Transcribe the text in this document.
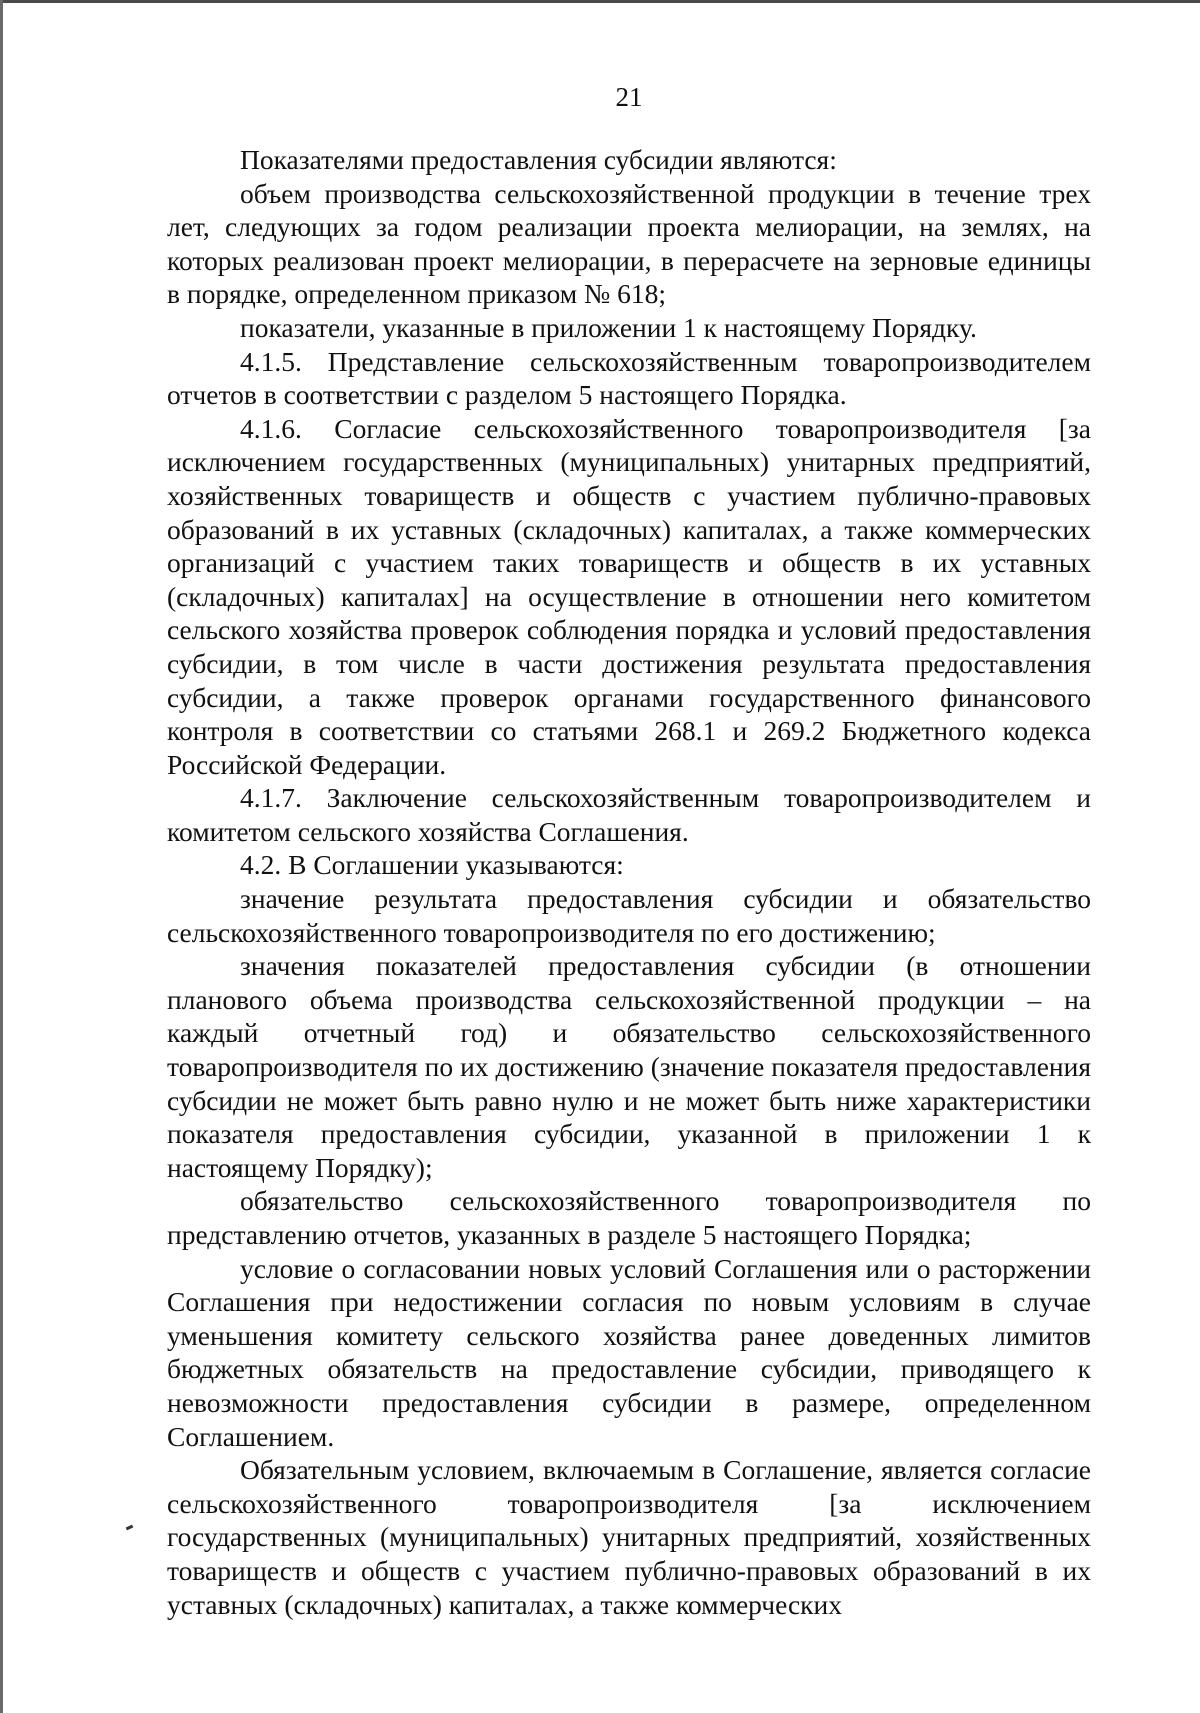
21

Показателями предоставления субсидии являются:

объем производства сельскохозяйственной продукции в течение трех лет, следующих за годом реализации проекта мелиорации, на землях, на которых реализован проект мелиорации, в перерасчете на зерновые единицы в порядке, определенном приказом № 618;

показатели, указанные в приложении 1 к настоящему Порядку.

4.1.5. Представление сельскохозяйственным товаропроизводителем отчетов в соответствии с разделом 5 настоящего Порядка.

4.1.6. Согласие сельскохозяйственного товаропроизводителя [за исключением государственных (муниципальных) унитарных предприятий, хозяйственных товариществ и обществ с участием публично-правовых образований в их уставных (складочных) капиталах, а также коммерческих организаций с участием таких товариществ и обществ в их уставных (складочных) капиталах] на осуществление в отношении него комитетом сельского хозяйства проверок соблюдения порядка и условий предоставления субсидии, в том числе в части достижения результата предоставления субсидии, а также проверок органами государственного финансового контроля в соответствии со статьями 268.1 и 269.2 Бюджетного кодекса Российской Федерации.

4.1.7. Заключение сельскохозяйственным товаропроизводителем и комитетом сельского хозяйства Соглашения.

4.2. В Соглашении указываются:

значение результата предоставления субсидии и обязательство сельскохозяйственного товаропроизводителя по его достижению;

значения показателей предоставления субсидии (в отношении планового объема производства сельскохозяйственной продукции – на каждый отчетный год) и обязательство сельскохозяйственного товаропроизводителя по их достижению (значение показателя предоставления субсидии не может быть равно нулю и не может быть ниже характеристики показателя предоставления субсидии, указанной в приложении 1 к настоящему Порядку);

обязательство сельскохозяйственного товаропроизводителя по представлению отчетов, указанных в разделе 5 настоящего Порядка;

условие о согласовании новых условий Соглашения или о расторжении Соглашения при недостижении согласия по новым условиям в случае уменьшения комитету сельского хозяйства ранее доведенных лимитов бюджетных обязательств на предоставление субсидии, приводящего к невозможности предоставления субсидии в размере, определенном Соглашением.

Обязательным условием, включаемым в Соглашение, является согласие сельскохозяйственного товаропроизводителя [за исключением государственных (муниципальных) унитарных предприятий, хозяйственных товариществ и обществ с участием публично-правовых образований в их уставных (складочных) капиталах, а также коммерческих
